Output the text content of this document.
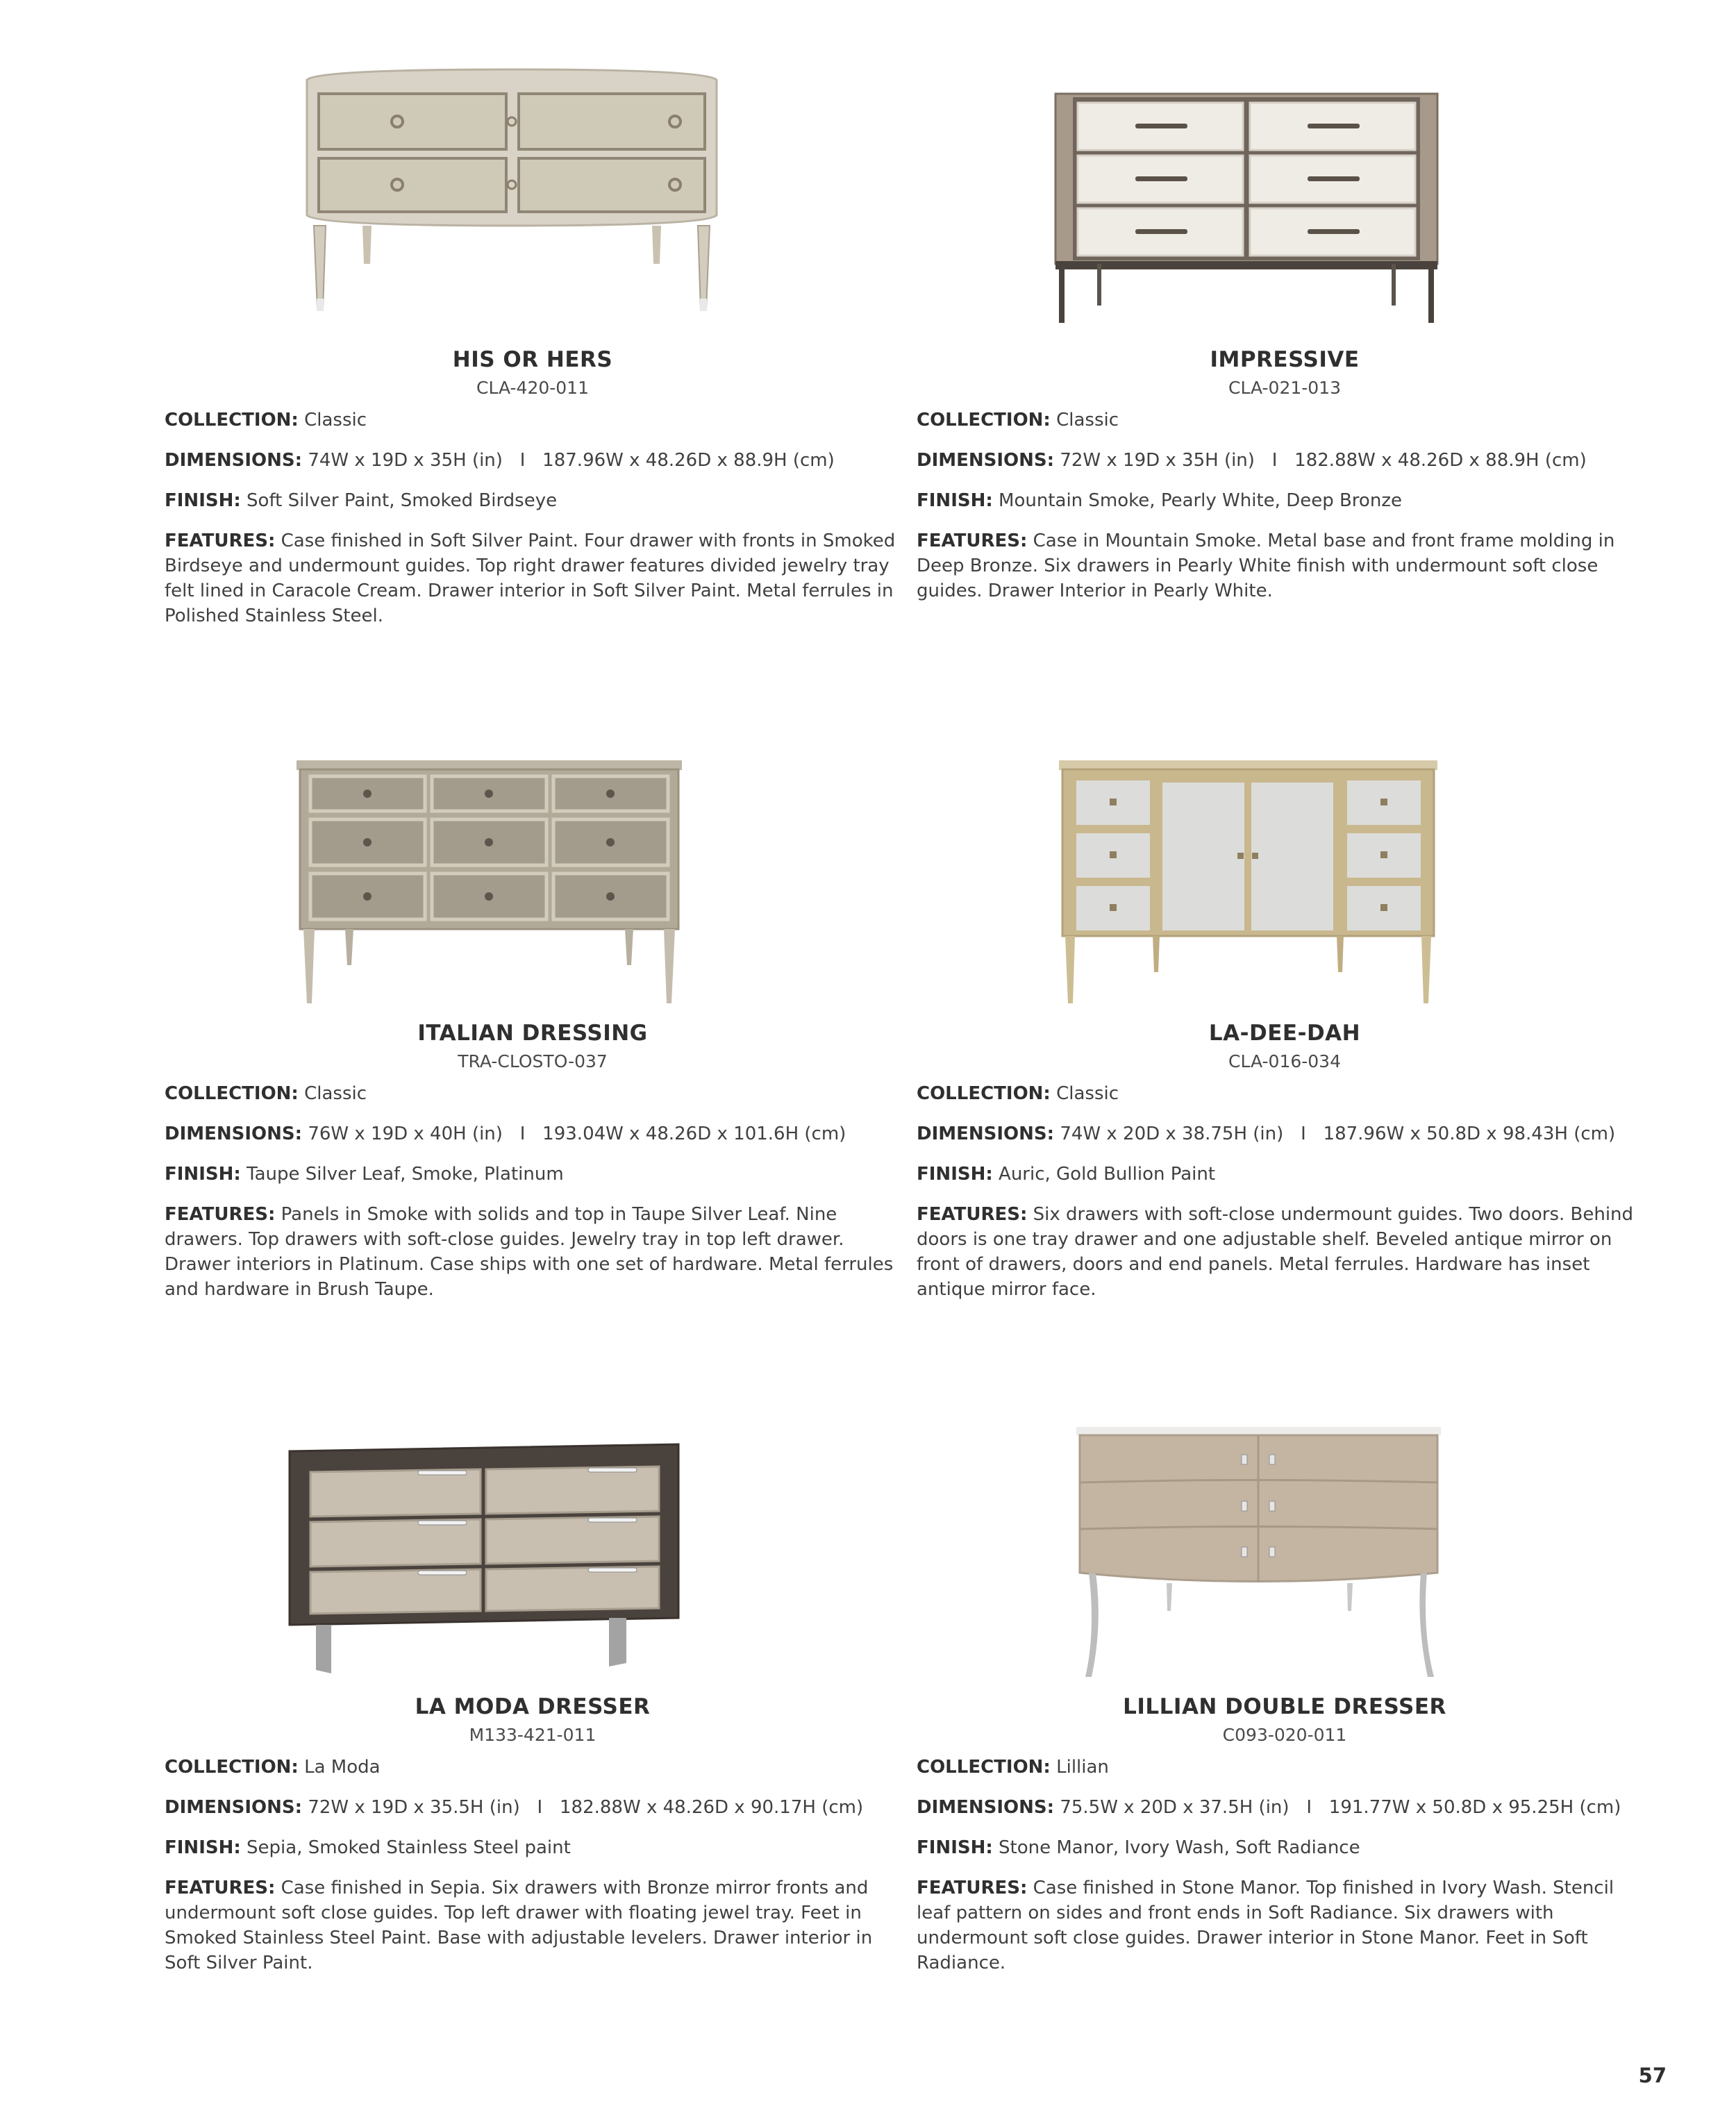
HIS OR HERS
CLA-420-011
COLLECTION: Classic
DIMENSIONS: 74W x 19D x 35H (in)   I   187.96W x 48.26D x 88.9H (cm)
FINISH: Soft Silver Paint, Smoked Birdseye
FEATURES: Case finished in Soft Silver Paint. Four drawer with fronts in Smoked Birdseye and undermount guides. Top right drawer features divided jewelry tray felt lined in Caracole Cream. Drawer interior in Soft Silver Paint. Metal ferrules in Polished Stainless Steel.
IMPRESSIVE
CLA-021-013
COLLECTION: Classic
DIMENSIONS: 72W x 19D x 35H (in)   I   182.88W x 48.26D x 88.9H (cm)
FINISH: Mountain Smoke, Pearly White, Deep Bronze
FEATURES: Case in Mountain Smoke. Metal base and front frame molding in Deep Bronze. Six drawers in Pearly White finish with undermount soft close guides. Drawer Interior in Pearly White.
ITALIAN DRESSING
TRA-CLOSTO-037
COLLECTION: Classic
DIMENSIONS: 76W x 19D x 40H (in)   I   193.04W x 48.26D x 101.6H (cm)
FINISH: Taupe Silver Leaf, Smoke, Platinum
FEATURES: Panels in Smoke with solids and top in Taupe Silver Leaf. Nine drawers. Top drawers with soft-close guides. Jewelry tray in top left drawer. Drawer interiors in Platinum. Case ships with one set of hardware. Metal ferrules and hardware in Brush Taupe.
LA-DEE-DAH
CLA-016-034
COLLECTION: Classic
DIMENSIONS: 74W x 20D x 38.75H (in)   I   187.96W x 50.8D x 98.43H (cm)
FINISH: Auric, Gold Bullion Paint
FEATURES: Six drawers with soft-close undermount guides. Two doors. Behind doors is one tray drawer and one adjustable shelf. Beveled antique mirror on front of drawers, doors and end panels. Metal ferrules. Hardware has inset antique mirror face.
LA MODA DRESSER
M133-421-011
COLLECTION: La Moda
DIMENSIONS: 72W x 19D x 35.5H (in)   I   182.88W x 48.26D x 90.17H (cm)
FINISH: Sepia, Smoked Stainless Steel paint
FEATURES: Case finished in Sepia. Six drawers with Bronze mirror fronts and undermount soft close guides. Top left drawer with floating jewel tray. Feet in Smoked Stainless Steel Paint. Base with adjustable levelers. Drawer interior in Soft Silver Paint.
LILLIAN DOUBLE DRESSER
C093-020-011
COLLECTION: Lillian
DIMENSIONS: 75.5W x 20D x 37.5H (in)   I   191.77W x 50.8D x 95.25H (cm)
FINISH: Stone Manor, Ivory Wash, Soft Radiance
FEATURES: Case finished in Stone Manor. Top finished in Ivory Wash. Stencil leaf pattern on sides and front ends in Soft Radiance. Six drawers with undermount soft close guides. Drawer interior in Stone Manor. Feet in Soft Radiance.
57
